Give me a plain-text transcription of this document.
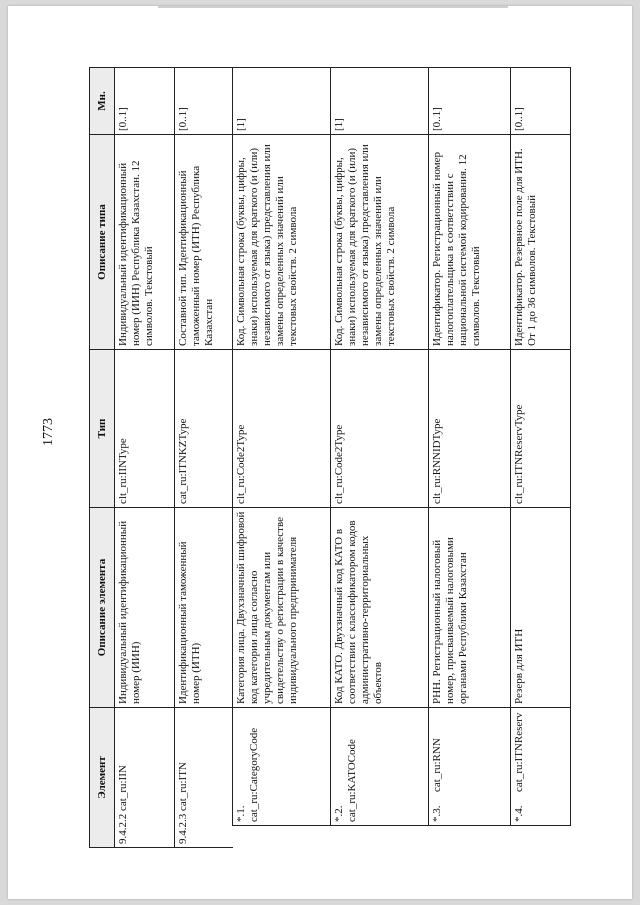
1773
Элемент		Описание элемента	Тип	Описание типа	Мн.
9.4.2.2 cat_ru:IIN		Индивидуальный идентификационный номер (ИИН)	clt_ru:IINType	Индивидуальный идентификационный номер (ИИН) Республика Казахстан. 12 символов. Текстовый	[0..1]
9.4.2.3 cat_ru:ITN		Идентификационный таможенный номер (ИТН)	cat_ru:ITNKZType	Составной тип. Идентификационный таможенный номер (ИТН) Республика Казахстан	[0..1]
	*.1.cat_ru:CategoryCode	Категория лица. Двухзначный шифровой код категории лица согласно учредительным документам или свидетельству о регистрации в качестве индивидуального предпринимателя	clt_ru:Code2Type	Код. Символьная строка (буквы, цифры, знаки) используемая для краткого (и (или) независимого от языка) представления или замены определенных значений или текстовых свойств. 2 символа	[1]
	*.2.cat_ru:KATOCode	Код КАТО. Двухзначный код КАТО в соответствии с классификатором кодов административно-территориальных объектов	clt_ru:Code2Type	Код. Символьная строка (буквы, цифры, знаки) используемая для краткого (и (или) независимого от языка) представления или замены определенных значений или текстовых свойств. 2 символа	[1]
	*.3.cat_ru:RNN	РНН. Регистрационный налоговый номер, присваиваемый налоговыми органами Республики Казахстан	clt_ru:RNNIDType	Идентификатор. Регистрационный номер налогоплательщика в соответствии с национальной системой кодирования. 12 символов. Текстовый	[0..1]
	*.4.cat_ru:ITNReserv	Резерв для ИТН	clt_ru:ITNReservType	Идентификатор. Резервное поле для ИТН. От 1 до 36 символов. Текстовый	[0..1]
